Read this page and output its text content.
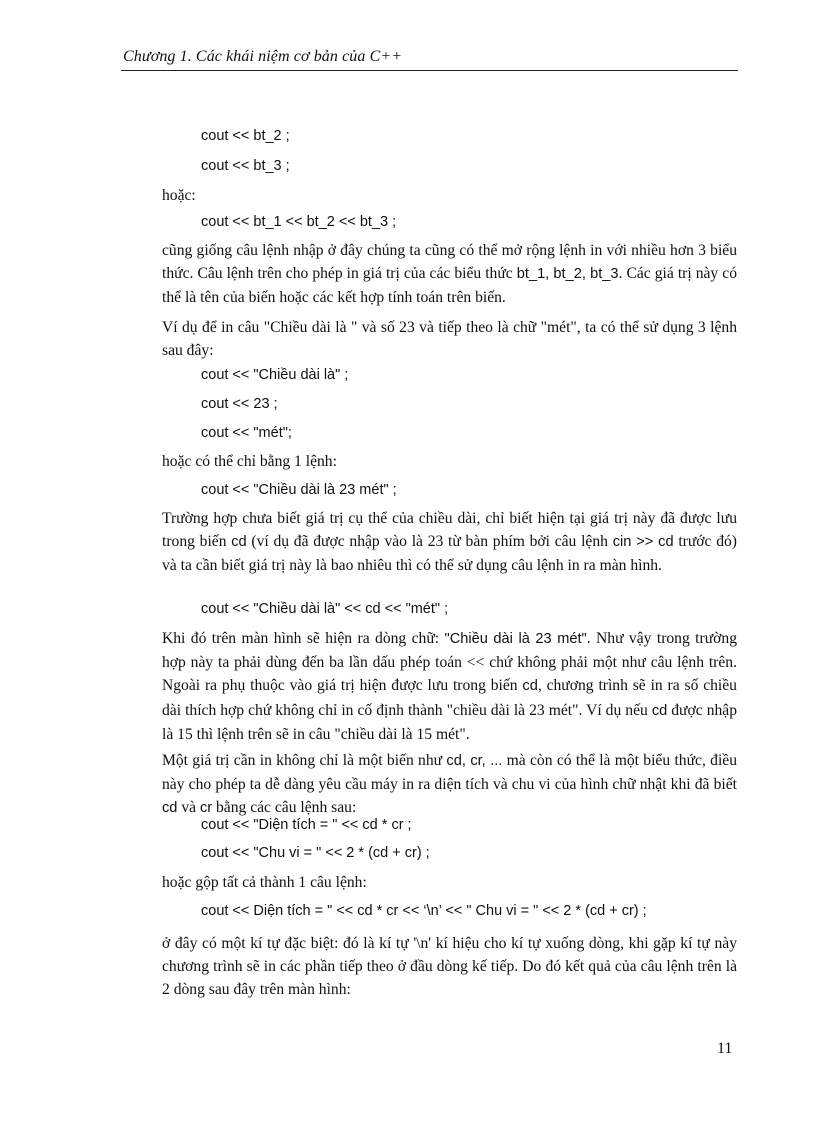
Chương 1. Các khái niệm cơ bản của C++
cout << bt_2 ;
cout << bt_3 ;
hoặc:
cout << bt_1 << bt_2 << bt_3 ;
cũng giống câu lệnh nhập ở đây chúng ta cũng có thể mở rộng lệnh in với nhiều hơn 3 biểu thức. Câu lệnh trên cho phép in giá trị của các biểu thức bt_1, bt_2, bt_3. Các giá trị này có thể là tên của biến hoặc các kết hợp tính toán trên biến.
Ví dụ để in câu "Chiều dài là " và số 23 và tiếp theo là chữ "mét", ta có thể sử dụng 3 lệnh sau đây:
cout << "Chiều dài là" ;
cout << 23 ;
cout << "mét";
hoặc có thể chỉ bằng 1 lệnh:
cout << "Chiều dài là 23 mét" ;
Trường hợp chưa biết giá trị cụ thể của chiều dài, chỉ biết hiện tại giá trị này đã được lưu trong biến cd (ví dụ đã được nhập vào là 23 từ bàn phím bởi câu lệnh cin >> cd trước đó) và ta cần biết giá trị này là bao nhiêu thì có thể sử dụng câu lệnh in ra màn hình.
cout << "Chiều dài là" << cd << "mét" ;
Khi đó trên màn hình sẽ hiện ra dòng chữ: "Chiều dài là 23 mét". Như vậy trong trường hợp này ta phải dùng đến ba lần dấu phép toán << chứ không phải một như câu lệnh trên. Ngoài ra phụ thuộc vào giá trị hiện được lưu trong biến cd, chương trình sẽ in ra số chiều dài thích hợp chứ không chỉ in cố định thành "chiều dài là 23 mét". Ví dụ nếu cd được nhập là 15 thì lệnh trên sẽ in câu "chiều dài là 15 mét".
Một giá trị cần in không chỉ là một biến như cd, cr, ... mà còn có thể là một biểu thức, điều này cho phép ta dễ dàng yêu cầu máy in ra diện tích và chu vi của hình chữ nhật khi đã biết cd và cr bằng các câu lệnh sau:
cout << "Diện tích = " << cd * cr ;
cout << "Chu vi = " << 2 * (cd + cr) ;
hoặc gộp tất cả thành 1 câu lệnh:
cout << Diện tích = " << cd * cr << ‘\n’ << " Chu vi = " << 2 * (cd + cr) ;
ở đây có một kí tự đặc biệt: đó là kí tự '\n' kí hiệu cho kí tự xuống dòng, khi gặp kí tự này chương trình sẽ in các phần tiếp theo ở đầu dòng kế tiếp. Do đó kết quả của câu lệnh trên là 2 dòng sau đây trên màn hình:
11
